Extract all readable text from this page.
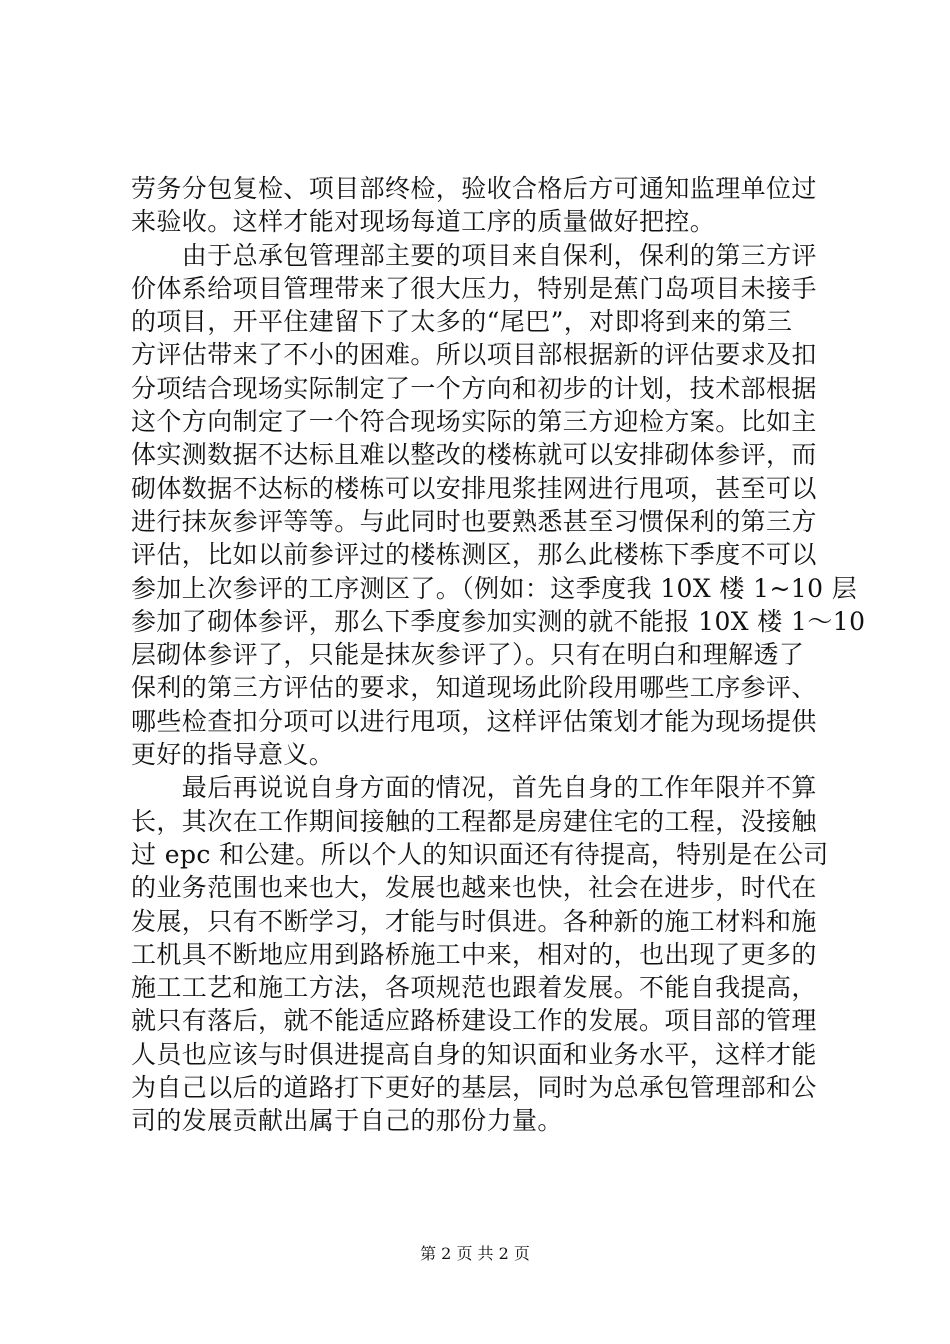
劳务分包复检、项目部终检，验收合格后方可通知监理单位过
来验收。这样才能对现场每道工序的质量做好把控。
　　由于总承包管理部主要的项目来自保利，保利的第三方评
价体系给项目管理带来了很大压力，特别是蕉门岛项目未接手
的项目，开平住建留下了太多的“尾巴”，对即将到来的第三
方评估带来了不小的困难。所以项目部根据新的评估要求及扣
分项结合现场实际制定了一个方向和初步的计划，技术部根据
这个方向制定了一个符合现场实际的第三方迎检方案。比如主
体实测数据不达标且难以整改的楼栋就可以安排砌体参评，而
砌体数据不达标的楼栋可以安排甩浆挂网进行甩项，甚至可以
进行抹灰参评等等。与此同时也要熟悉甚至习惯保利的第三方
评估，比如以前参评过的楼栋测区，那么此楼栋下季度不可以
参加上次参评的工序测区了。（例如：这季度我 10X 楼 1~10 层
参加了砌体参评，那么下季度参加实测的就不能报 10X 楼 1～10
层砌体参评了，只能是抹灰参评了）。只有在明白和理解透了
保利的第三方评估的要求，知道现场此阶段用哪些工序参评、
哪些检查扣分项可以进行甩项，这样评估策划才能为现场提供
更好的指导意义。
　　最后再说说自身方面的情况，首先自身的工作年限并不算
长，其次在工作期间接触的工程都是房建住宅的工程，没接触
过 epc 和公建。所以个人的知识面还有待提高，特别是在公司
的业务范围也来也大，发展也越来也快，社会在进步，时代在
发展，只有不断学习，才能与时俱进。各种新的施工材料和施
工机具不断地应用到路桥施工中来，相对的，也出现了更多的
施工工艺和施工方法，各项规范也跟着发展。不能自我提高，
就只有落后，就不能适应路桥建设工作的发展。项目部的管理
人员也应该与时俱进提高自身的知识面和业务水平，这样才能
为自己以后的道路打下更好的基层，同时为总承包管理部和公
司的发展贡献出属于自己的那份力量。
第 2 页 共 2 页
